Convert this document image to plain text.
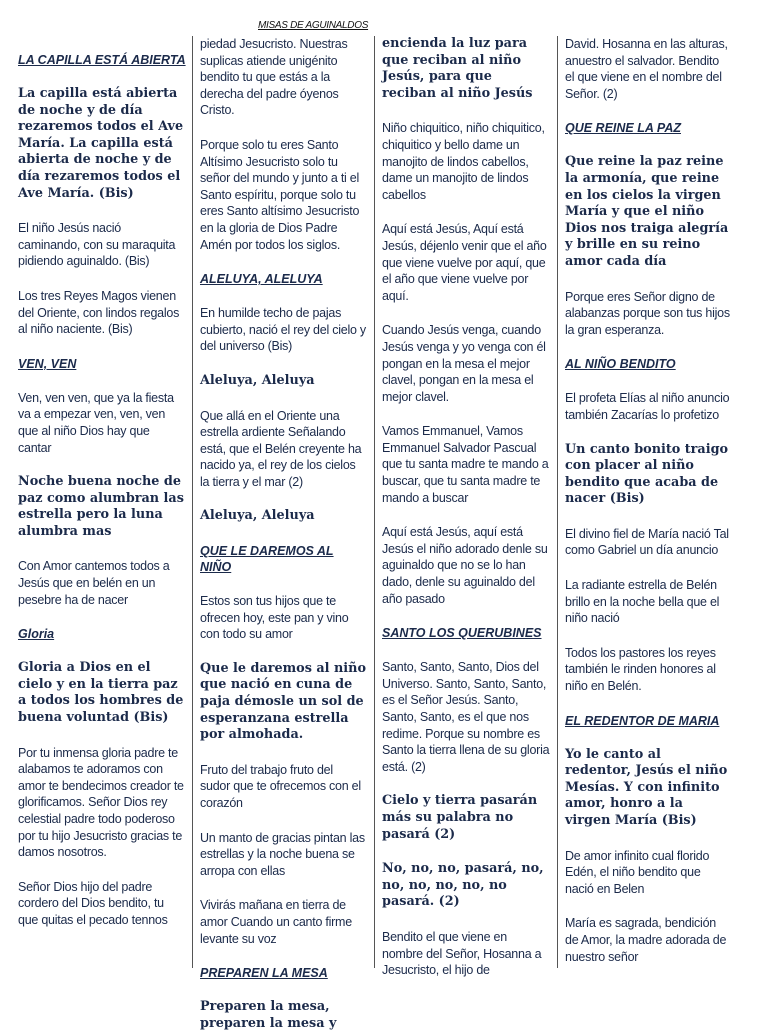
MISAS DE AGUINALDOS
LA CAPILLA ESTÁ ABIERTA
La capilla está abierta de noche y de día rezaremos todos el Ave María. La capilla está abierta de noche y de día rezaremos todos el Ave María. (Bis)
El niño Jesús nació caminando, con su maraquita pidiendo aguinaldo. (Bis)
Los tres Reyes Magos vienen del Oriente, con lindos regalos al niño naciente. (Bis)
VEN, VEN
Ven, ven ven, que ya la fiesta va a empezar ven, ven, ven que al niño Dios hay que cantar
Noche buena noche de paz como alumbran las estrella pero la luna alumbra mas
Con Amor cantemos todos a Jesús que en belén en un pesebre ha de nacer
Gloria
Gloria a Dios en el cielo y en la tierra paz a todos los hombres de buena voluntad (Bis)
Por tu inmensa gloria padre te alabamos te adoramos con amor te bendecimos creador te glorificamos. Señor Dios rey celestial padre todo poderoso por tu hijo Jesucristo gracias te damos nosotros.
Señor Dios hijo del padre cordero del Dios bendito, tu que quitas el pecado tennos
piedad Jesucristo. Nuestras suplicas atiende unigénito bendito tu que estás a la derecha del padre óyenos Cristo.
Porque solo tu eres Santo Altísimo Jesucristo solo tu señor del mundo y junto a ti el Santo espíritu, porque solo tu eres Santo altísimo Jesucristo en la gloria de Dios Padre Amén por todos los siglos.
ALELUYA, ALELUYA
En humilde techo de pajas cubierto, nació el rey del cielo y del universo (Bis)
Aleluya, Aleluya
Que allá en el Oriente una estrella ardiente Señalando está, que el Belén creyente ha nacido ya, el rey de los cielos la tierra y el mar (2)
Aleluya, Aleluya
QUE LE DAREMOS AL NIÑO
Estos son tus hijos que te ofrecen hoy, este pan y vino con todo su amor
Que le daremos al niño que nació en cuna de paja démosle un sol de esperanzana estrella por almohada.
Fruto del trabajo fruto del sudor que te ofrecemos con el corazón
Un manto de gracias pintan las estrellas y la noche buena se arropa con ellas
Vivirás mañana en tierra de amor Cuando un canto firme levante su voz
PREPAREN LA MESA
Preparen la mesa, preparen la mesa y
encienda la luz para que reciban al niño Jesús, para que reciban al niño Jesús
Niño chiquitico, niño chiquitico, chiquitico y bello dame un manojito de lindos cabellos, dame un manojito de lindos cabellos
Aquí está Jesús, Aquí está Jesús, déjenlo venir que el año que viene vuelve por aquí, que el año que viene vuelve por aquí.
Cuando Jesús venga, cuando Jesús venga y yo venga con él pongan en la mesa el mejor clavel, pongan en la mesa el mejor clavel.
Vamos Emmanuel, Vamos Emmanuel Salvador Pascual que tu santa madre te mando a buscar, que tu santa madre te mando a buscar
Aquí está Jesús, aquí está Jesús el niño adorado denle su aguinaldo que no se lo han dado, denle su aguinaldo del año pasado
SANTO LOS QUERUBINES
Santo, Santo, Santo, Dios del Universo. Santo, Santo, Santo, es el Señor Jesús. Santo, Santo, Santo, es el que nos redime. Porque su nombre es Santo la tierra llena de su gloria está. (2)
Cielo y tierra pasarán más su palabra no pasará (2)
No, no, no, pasará, no, no, no, no, no, no pasará. (2)
Bendito el que viene en nombre del Señor, Hosanna a Jesucristo, el hijo de
David. Hosanna en las alturas, anuestro el salvador. Bendito el que viene en el nombre del Señor. (2)
QUE REINE LA PAZ
Que reine la paz reine la armonía, que reine en los cielos la virgen María y que el niño Dios nos traiga alegría y brille en su reino amor cada día
Porque eres Señor digno de alabanzas porque son tus hijos la gran esperanza.
AL NIÑO BENDITO
El profeta Elías al niño anuncio también Zacarías lo profetizo
Un canto bonito traigo con placer al niño bendito que acaba de nacer (Bis)
El divino fiel de María nació Tal como Gabriel un día anuncio
La radiante estrella de Belén brillo en la noche bella que el niño nació
Todos los pastores los reyes también le rinden honores al niño en Belén.
EL REDENTOR DE MARIA
Yo le canto al redentor, Jesús el niño Mesías. Y con infinito amor, honro a la virgen María (Bis)
De amor infinito cual florido Edén, el niño bendito que nació en Belen
María es sagrada, bendición de Amor, la madre adorada de nuestro señor
